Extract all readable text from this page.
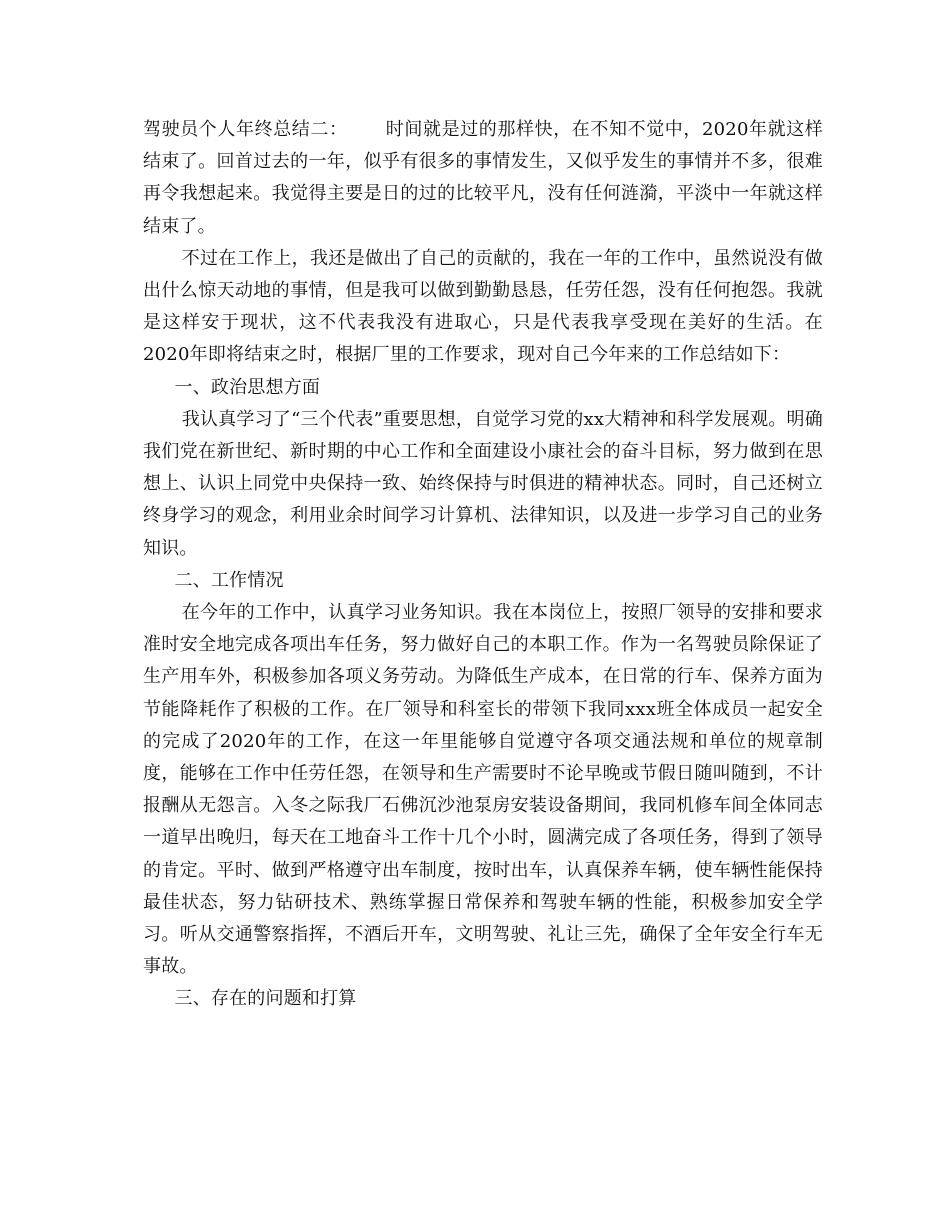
驾驶员个人年终总结二： 时间就是过的那样快，在不知不觉中，2020年就这样结束了。回首过去的一年，似乎有很多的事情发生，又似乎发生的事情并不多，很难再令我想起来。我觉得主要是日的过的比较平凡，没有任何涟漪，平淡中一年就这样结束了。

不过在工作上，我还是做出了自己的贡献的，我在一年的工作中，虽然说没有做出什么惊天动地的事情，但是我可以做到勤勤恳恳，任劳任怨，没有任何抱怨。我就是这样安于现状，这不代表我没有进取心，只是代表我享受现在美好的生活。在2020年即将结束之时，根据厂里的工作要求，现对自己今年来的工作总结如下：

一、政治思想方面

我认真学习了“三个代表”重要思想，自觉学习党的xx大精神和科学发展观。明确我们党在新世纪、新时期的中心工作和全面建设小康社会的奋斗目标，努力做到在思想上、认识上同党中央保持一致、始终保持与时俱进的精神状态。同时，自己还树立终身学习的观念，利用业余时间学习计算机、法律知识，以及进一步学习自己的业务知识。

二、工作情况

在今年的工作中，认真学习业务知识。我在本岗位上，按照厂领导的安排和要求准时安全地完成各项出车任务，努力做好自己的本职工作。作为一名驾驶员除保证了生产用车外，积极参加各项义务劳动。为降低生产成本，在日常的行车、保养方面为节能降耗作了积极的工作。在厂领导和科室长的带领下我同xxx班全体成员一起安全的完成了2020年的工作，在这一年里能够自觉遵守各项交通法规和单位的规章制度，能够在工作中任劳任怨，在领导和生产需要时不论早晚或节假日随叫随到，不计报酬从无怨言。入冬之际我厂石佛沉沙池泵房安装设备期间，我同机修车间全体同志一道早出晚归，每天在工地奋斗工作十几个小时，圆满完成了各项任务，得到了领导的肯定。平时、做到严格遵守出车制度，按时出车，认真保养车辆，使车辆性能保持最佳状态，努力钻研技术、熟练掌握日常保养和驾驶车辆的性能，积极参加安全学习。听从交通警察指挥，不酒后开车，文明驾驶、礼让三先，确保了全年安全行车无事故。

三、存在的问题和打算
